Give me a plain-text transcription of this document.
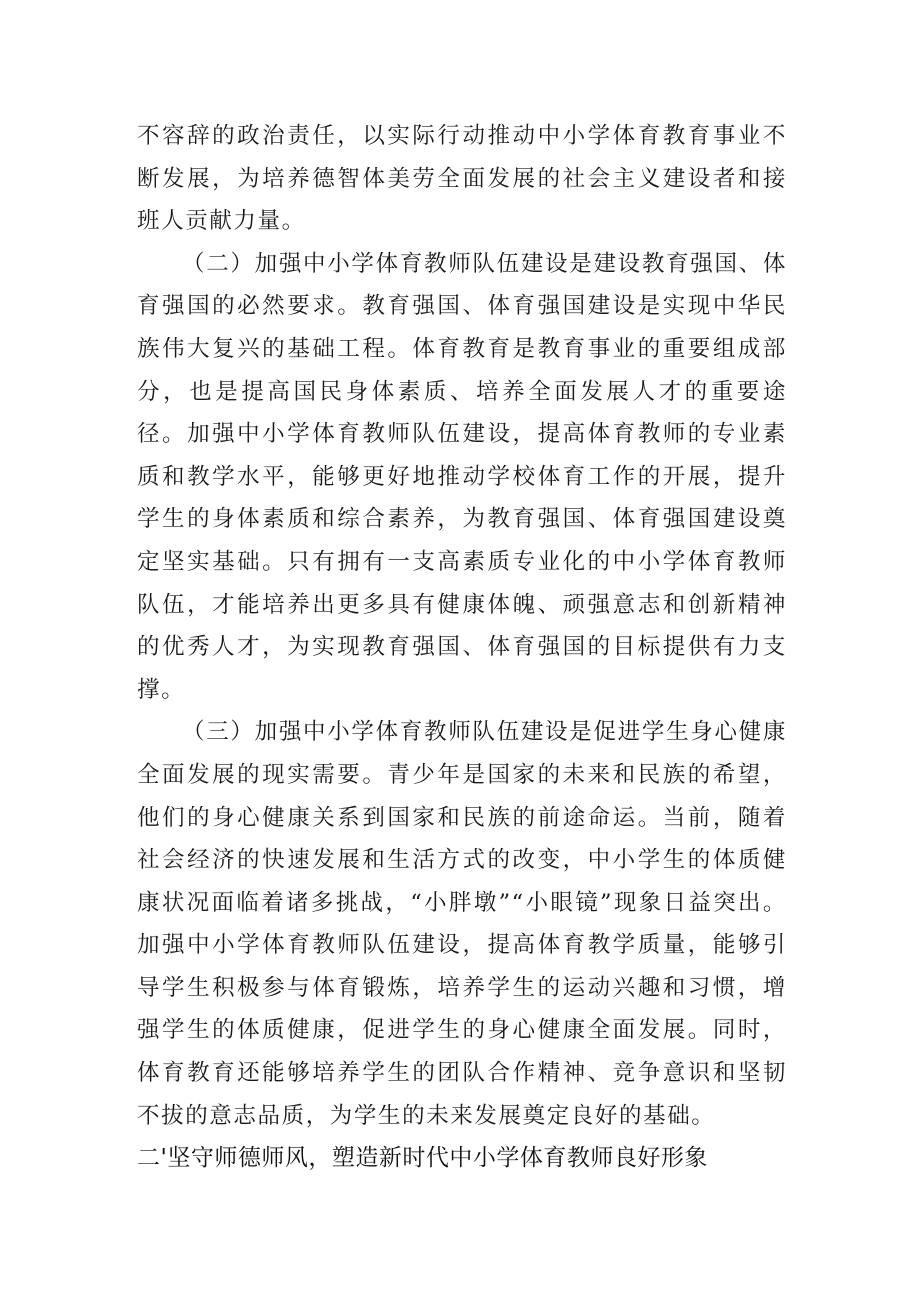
不容辞的政治责任，以实际行动推动中小学体育教育事业不断发展，为培养德智体美劳全面发展的社会主义建设者和接班人贡献力量。

（二）加强中小学体育教师队伍建设是建设教育强国、体育强国的必然要求。教育强国、体育强国建设是实现中华民族伟大复兴的基础工程。体育教育是教育事业的重要组成部分，也是提高国民身体素质、培养全面发展人才的重要途径。加强中小学体育教师队伍建设，提高体育教师的专业素质和教学水平，能够更好地推动学校体育工作的开展，提升学生的身体素质和综合素养，为教育强国、体育强国建设奠定坚实基础。只有拥有一支高素质专业化的中小学体育教师队伍，才能培养出更多具有健康体魄、顽强意志和创新精神的优秀人才，为实现教育强国、体育强国的目标提供有力支撑。

（三）加强中小学体育教师队伍建设是促进学生身心健康全面发展的现实需要。青少年是国家的未来和民族的希望，他们的身心健康关系到国家和民族的前途命运。当前，随着社会经济的快速发展和生活方式的改变，中小学生的体质健康状况面临着诸多挑战，“小胖墩”“小眼镜”现象日益突出。加强中小学体育教师队伍建设，提高体育教学质量，能够引导学生积极参与体育锻炼，培养学生的运动兴趣和习惯，增强学生的体质健康，促进学生的身心健康全面发展。同时，体育教育还能够培养学生的团队合作精神、竞争意识和坚韧不拔的意志品质，为学生的未来发展奠定良好的基础。

二'坚守师德师风，塑造新时代中小学体育教师良好形象
